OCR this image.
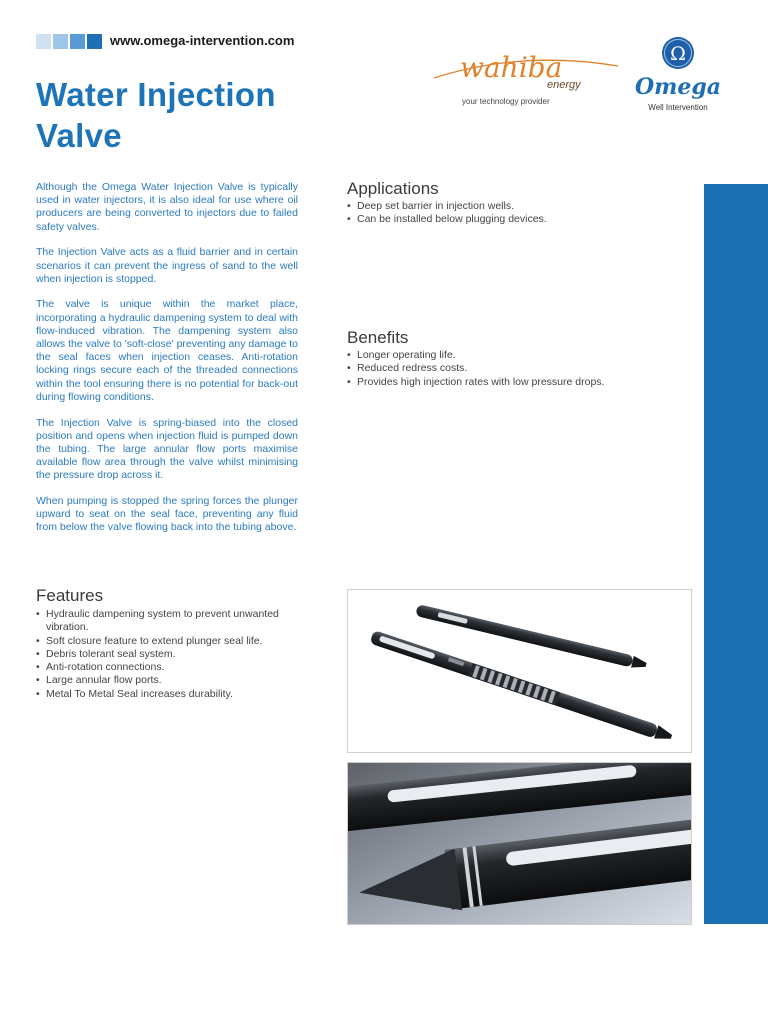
www.omega-intervention.com
Water Injection
Valve
wahiba
energy
your technology provider
Ω
Omega
Well Intervention

Although the Omega Water Injection Valve is typically used in water injectors, it is also ideal for use where oil producers are being converted to injectors due to failed safety valves.

The Injection Valve acts as a fluid barrier and in certain scenarios it can prevent the ingress of sand to the well when injection is stopped.

The valve is unique within the market place, incorporating a hydraulic dampening system to deal with flow-induced vibration. The dampening system also allows the valve to 'soft-close' preventing any damage to the seal faces when injection ceases. Anti-rotation locking rings secure each of the threaded connections within the tool ensuring there is no potential for back-out during flowing conditions.

The Injection Valve is spring-biased into the closed position and opens when injection fluid is pumped down the tubing. The large annular flow ports maximise available flow area through the valve whilst minimising the pressure drop across it.

When pumping is stopped the spring forces the plunger upward to seat on the seal face, preventing any fluid from below the valve flowing back into the tubing above.

Applications
• Deep set barrier in injection wells.
• Can be installed below plugging devices.
Benefits
• Longer operating life.
• Reduced redress costs.
• Provides high injection rates with low pressure drops.
Features
• Hydraulic dampening system to prevent unwanted vibration.
• Soft closure feature to extend plunger seal life.
• Debris tolerant seal system.
• Anti-rotation connections.
• Large annular flow ports.
• Metal To Metal Seal increases durability.
